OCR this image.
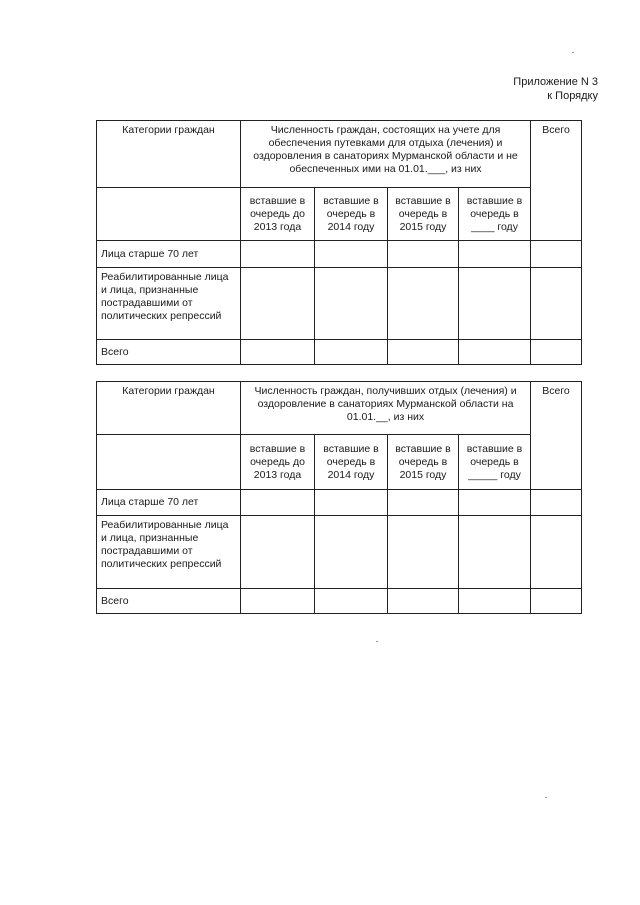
Приложение N 3
к Порядку
Категории граждан	Численность граждан, состоящих на учете для обеспечения путевками для отдыха (лечения) и оздоровления в санаториях Мурманской области и не обеспеченных ими на 01.01.___, из них				Всего
	вставшие в очередь до 2013 года	вставшие в очередь в 2014 году	вставшие в очередь в 2015 году	вставшие в очередь в ____ году	
Лица старше 70 лет					
Реабилитированные лица и лица, признанные пострадавшими от политических репрессий					
Всего					
Категории граждан	Численность граждан, получивших отдых (лечения) и оздоровление в санаториях Мурманской области на 01.01.__, из них				Всего
	вставшие в очередь до 2013 года	вставшие в очередь в 2014 году	вставшие в очередь в 2015 году	вставшие в очередь в _____ году	
Лица старше 70 лет					
Реабилитированные лица и лица, признанные пострадавшими от политических репрессий					
Всего					
